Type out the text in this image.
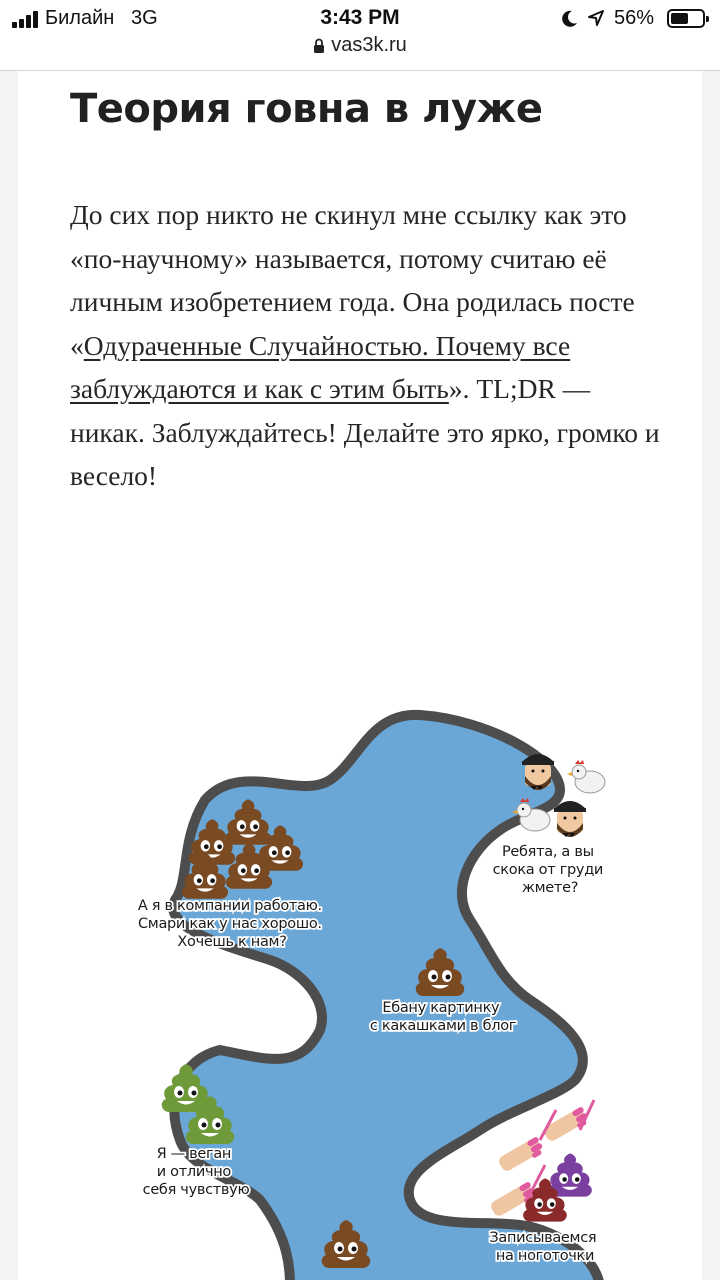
Билайн 3G	3:43 PM	56%
vas3k.ru
Теория говна в луже

До сих пор никто не скинул мне ссылку как это «по-научному» называется, потому считаю её личным изобретением года. Она родилась посте «Одураченные Случайностью. Почему все заблуждаются и как с этим быть». TL;DR — никак. Заблуждайтесь! Делайте это ярко, громко и весело!

А я в компании работаю. Смари как у нас хорошо. Хочешь к нам?
Ребята, а вы скока от груди жмете?
Ебану картинку с какашками в блог
Я — веган и отлично себя чувствую
Записываемся на ноготочки
